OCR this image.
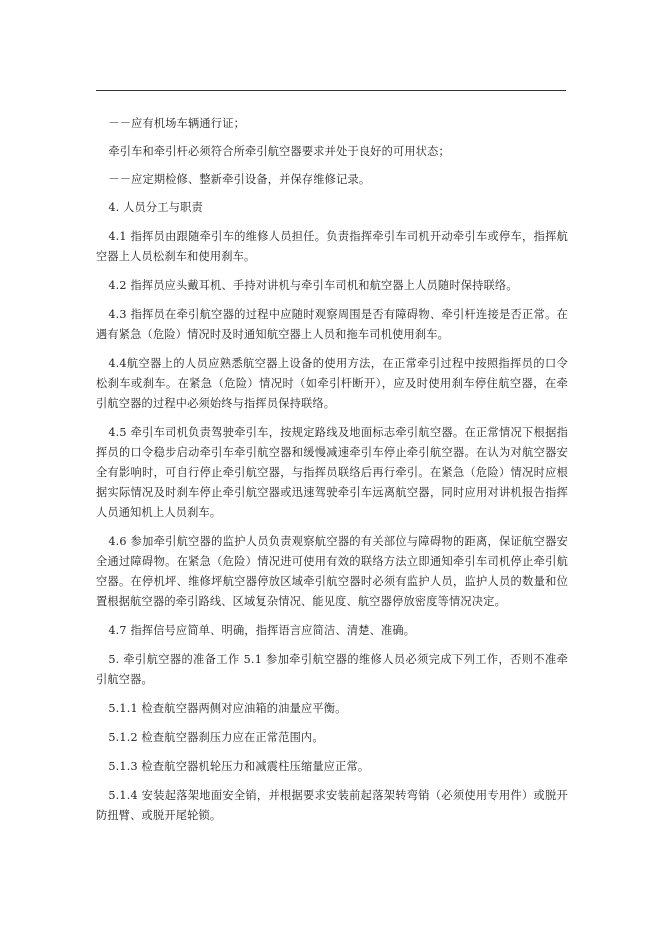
－－应有机场车辆通行证；

牵引车和牵引杆必须符合所牵引航空器要求并处于良好的可用状态；

－－应定期检修、整新牵引设备，并保存维修记录。

4. 人员分工与职责

4.1 指挥员由跟随牵引车的维修人员担任。负责指挥牵引车司机开动牵引车或停车，指挥航空器上人员松刹车和使用刹车。

4.2 指挥员应头戴耳机、手持对讲机与牵引车司机和航空器上人员随时保持联络。

4.3 指挥员在牵引航空器的过程中应随时观察周围是否有障碍物、牵引杆连接是否正常。在遇有紧急（危险）情况时及时通知航空器上人员和拖车司机使用刹车。

4.4航空器上的人员应熟悉航空器上设备的使用方法，在正常牵引过程中按照指挥员的口令松刹车或刹车。在紧急（危险）情况时（如牵引杆断开），应及时使用刹车停住航空器，在牵引航空器的过程中必须始终与指挥员保持联络。

4.5 牵引车司机负责驾驶牵引车，按规定路线及地面标志牵引航空器。在正常情况下根据指挥员的口令稳步启动牵引车牵引航空器和缓慢减速牵引车停止牵引航空器。在认为对航空器安全有影响时，可自行停止牵引航空器，与指挥员联络后再行牵引。在紧急（危险）情况时应根据实际情况及时刹车停止牵引航空器或迅速驾驶牵引车远离航空器，同时应用对讲机报告指挥人员通知机上人员刹车。

4.6 参加牵引航空器的监护人员负责观察航空器的有关部位与障碍物的距离，保证航空器安全通过障碍物。在紧急（危险）情况进可使用有效的联络方法立即通知牵引车司机停止牵引航空器。在停机坪、维修坪航空器停放区域牵引航空器时必须有监护人员，监护人员的数量和位置根据航空器的牵引路线、区域复杂情况、能见度、航空器停放密度等情况决定。

4.7 指挥信号应简单、明确，指挥语言应简洁、清楚、准确。

5. 牵引航空器的准备工作 5.1 参加牵引航空器的维修人员必须完成下列工作，否则不准牵引航空器。

5.1.1 检查航空器两侧对应油箱的油量应平衡。

5.1.2 检查航空器刹压力应在正常范围内。

5.1.3 检查航空器机轮压力和减震柱压缩量应正常。

5.1.4 安装起落架地面安全销，并根据要求安装前起落架转弯销（必须使用专用件）或脱开防扭臂、或脱开尾轮锁。
